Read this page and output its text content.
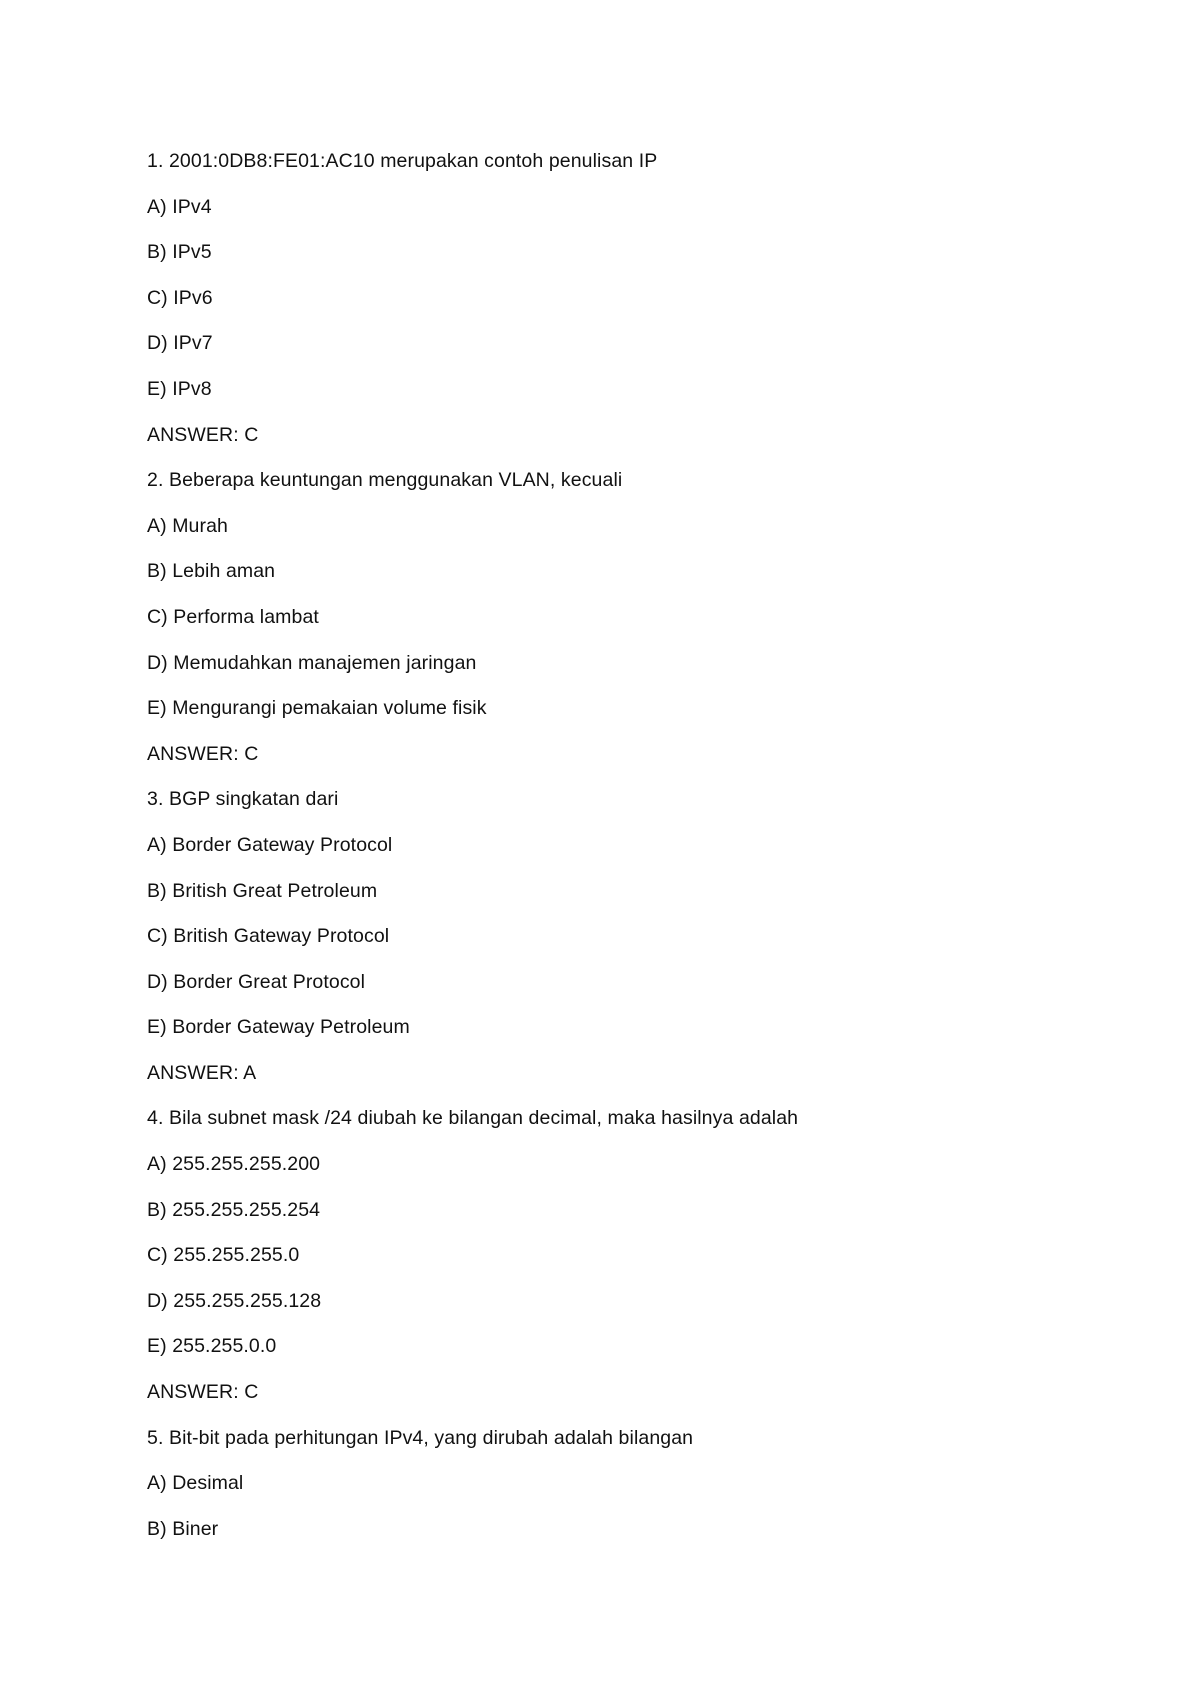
1. 2001:0DB8:FE01:AC10 merupakan contoh penulisan IP
A) IPv4
B) IPv5
C) IPv6
D) IPv7
E) IPv8
ANSWER: C
2. Beberapa keuntungan menggunakan VLAN, kecuali
A) Murah
B) Lebih aman
C) Performa lambat
D) Memudahkan manajemen jaringan
E) Mengurangi pemakaian volume fisik
ANSWER: C
3. BGP singkatan dari
A) Border Gateway Protocol
B) British Great Petroleum
C) British Gateway Protocol
D) Border Great Protocol
E) Border Gateway Petroleum
ANSWER: A
4. Bila subnet mask /24 diubah ke bilangan decimal, maka hasilnya adalah
A) 255.255.255.200
B) 255.255.255.254
C) 255.255.255.0
D) 255.255.255.128
E) 255.255.0.0
ANSWER: C
5. Bit-bit pada perhitungan IPv4, yang dirubah adalah bilangan
A) Desimal
B) Biner
